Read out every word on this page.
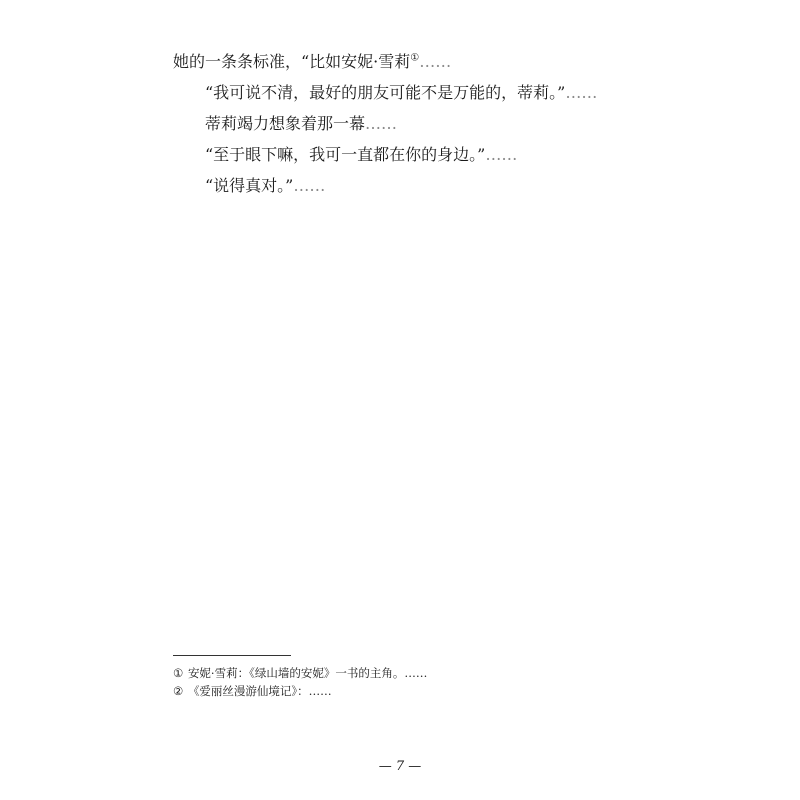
她的一条条标准，“比如安妮·雪莉①……

“我可说不清，最好的朋友可能不是万能的，蒂莉。”……

蒂莉竭力想象着那一幕……

“至于眼下嘛，我可一直都在你的身边。”……

“说得真对。”……

① 安妮·雪莉：《绿山墙的安妮》一书的主角。……

② 《爱丽丝漫游仙境记》：……

— 7 —
